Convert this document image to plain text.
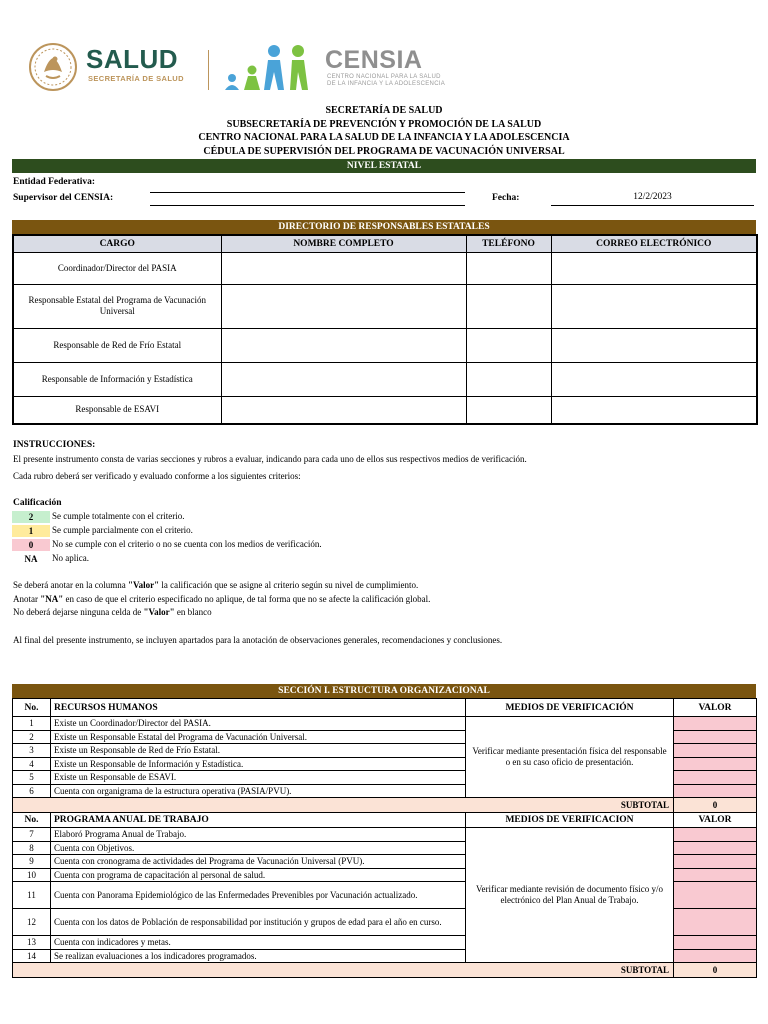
SALUD
SECRETARÍA DE SALUD
CENSIA
CENTRO NACIONAL PARA LA SALUD
DE LA INFANCIA Y LA ADOLESCENCIA
SECRETARÍA DE SALUD
SUBSECRETARÍA DE PREVENCIÓN Y PROMOCIÓN DE LA SALUD
CENTRO NACIONAL PARA LA SALUD DE LA INFANCIA Y LA ADOLESCENCIA
CÉDULA DE SUPERVISIÓN DEL PROGRAMA DE VACUNACIÓN UNIVERSAL
NIVEL ESTATAL
Entidad Federativa:
Supervisor del CENSIA:	Fecha:	12/2/2023
DIRECTORIO DE RESPONSABLES ESTATALES
CARGO	NOMBRE COMPLETO	TELÉFONO	CORREO ELECTRÓNICO
Coordinador/Director del PASIA			
Responsable Estatal del Programa de Vacunación Universal			
Responsable de Red de Frío Estatal			
Responsable de Información y Estadística			
Responsable de ESAVI			
INSTRUCCIONES:
El presente instrumento consta de varias secciones y rubros a evaluar, indicando para cada uno de ellos sus respectivos medios de verificación.
Cada rubro deberá ser verificado y evaluado conforme a los siguientes criterios:
Calificación
2	Se cumple totalmente con el criterio.
1	Se cumple parcialmente con el criterio.
0	No se cumple con el criterio o no se cuenta con los medios de verificación.
NA	No aplica.
Se deberá anotar en la columna "Valor" la calificación que se asigne al criterio según su nivel de cumplimiento.
Anotar "NA" en caso de que el criterio especificado no aplique, de tal forma que no se afecte la calificación global.
No deberá dejarse ninguna celda de "Valor" en blanco
Al final del presente instrumento, se incluyen apartados para la anotación de observaciones generales, recomendaciones y conclusiones.
SECCIÓN I. ESTRUCTURA ORGANIZACIONAL
No.	RECURSOS HUMANOS	MEDIOS DE VERIFICACIÓN	VALOR
1	Existe un Coordinador/Director del PASIA.	Verificar mediante presentación física del responsable o en su caso oficio de presentación.	
2	Existe un Responsable Estatal del Programa de Vacunación Universal.		
3	Existe un Responsable de Red de Frío Estatal.		
4	Existe un Responsable de Información y Estadística.		
5	Existe un Responsable de ESAVI.		
6	Cuenta con organigrama de la estructura operativa (PASIA/PVU).		
SUBTOTAL			0
No.	PROGRAMA ANUAL DE TRABAJO	MEDIOS DE VERIFICACION	VALOR
7	Elaboró Programa Anual de Trabajo.	Verificar mediante revisión de documento físico y/o electrónico del Plan Anual de Trabajo.	
8	Cuenta con Objetivos.		
9	Cuenta con cronograma de actividades del Programa de Vacunación Universal (PVU).		
10	Cuenta con programa de capacitación al personal de salud.		
11	Cuenta con Panorama Epidemiológico de las Enfermedades Prevenibles por Vacunación actualizado.		
12	Cuenta con los datos de Población de responsabilidad por institución y grupos de edad para el año en curso.		
13	Cuenta con indicadores y metas.		
14	Se realizan evaluaciones a los indicadores programados.		
SUBTOTAL			0
